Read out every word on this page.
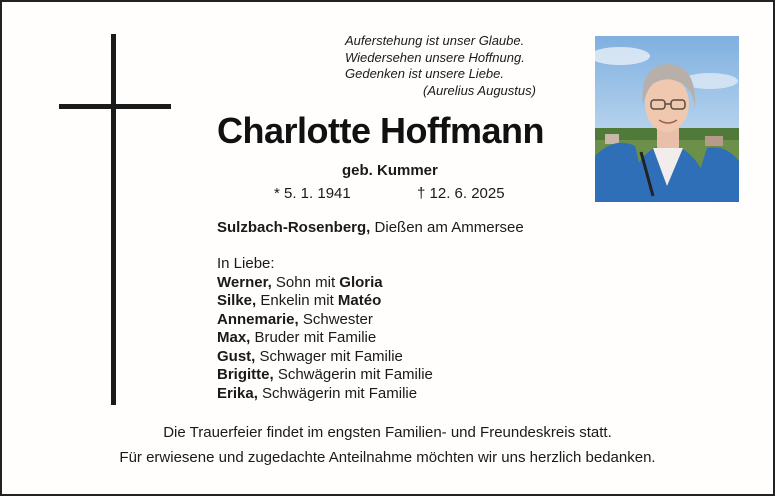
Auferstehung ist unser Glaube.
Wiedersehen unsere Hoffnung.
Gedenken ist unsere Liebe.
(Aurelius Augustus)
Charlotte Hoffmann
geb. Kummer
* 5. 1. 1941	† 12. 6. 2025
Sulzbach-Rosenberg, Dießen am Ammersee
In Liebe:
Werner, Sohn mit Gloria
Silke, Enkelin mit Matéo
Annemarie, Schwester
Max, Bruder mit Familie
Gust, Schwager mit Familie
Brigitte, Schwägerin mit Familie
Erika, Schwägerin mit Familie
Die Trauerfeier findet im engsten Familien- und Freundeskreis statt.
Für erwiesene und zugedachte Anteilnahme möchten wir uns herzlich bedanken.
